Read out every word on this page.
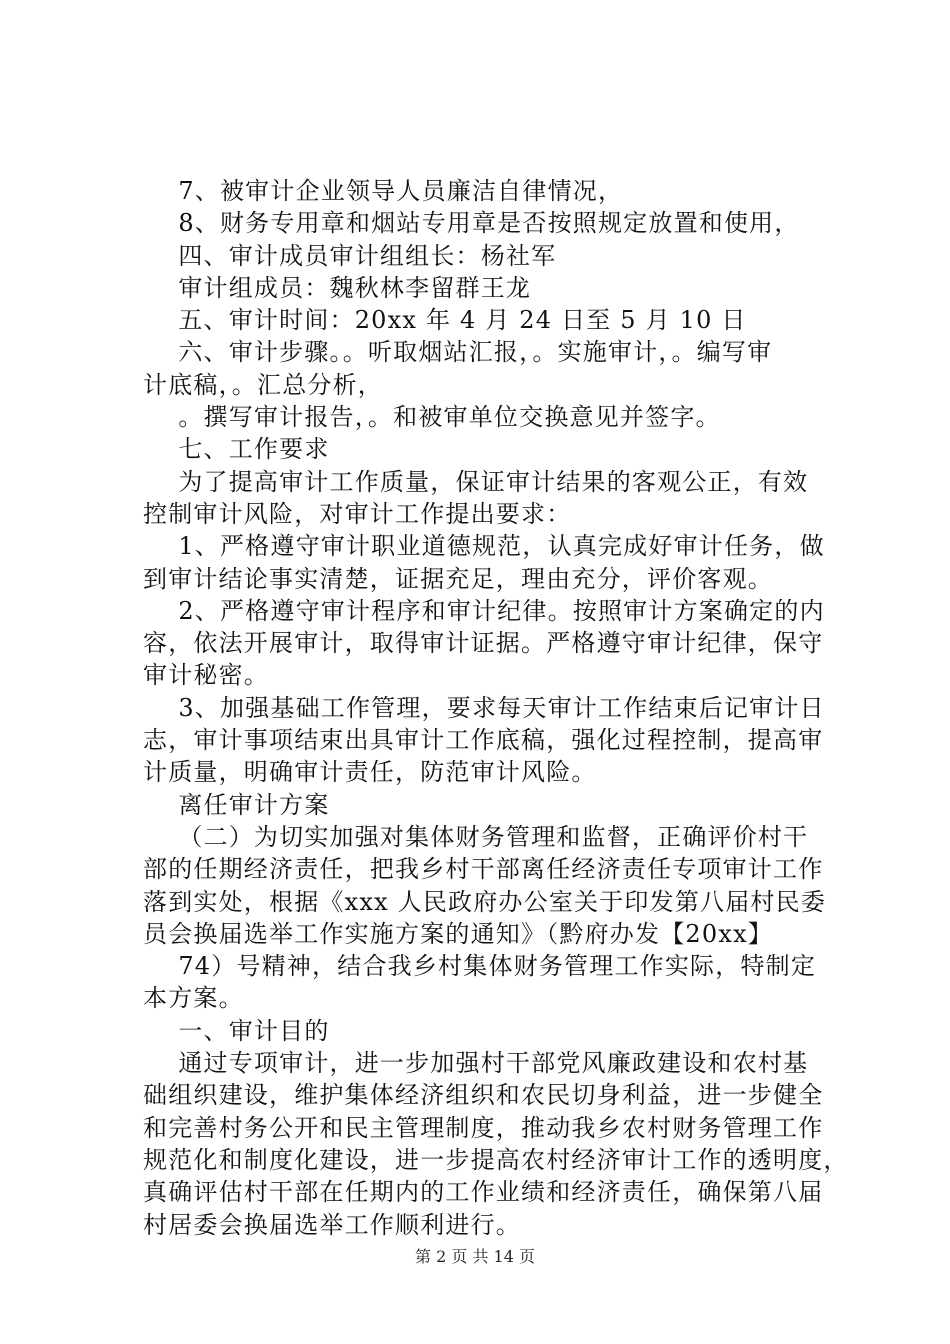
7、被审计企业领导人员廉洁自律情况，
8、财务专用章和烟站专用章是否按照规定放置和使用，
四、审计成员审计组组长：杨社军
审计组成员：魏秋林李留群王龙
五、审计时间：20xx 年 4 月 24 日至 5 月 10 日
六、审计步骤。。听取烟站汇报，。实施审计，。编写审
计底稿，。汇总分析，
。撰写审计报告，。和被审单位交换意见并签字。
七、工作要求
为了提高审计工作质量，保证审计结果的客观公正，有效
控制审计风险，对审计工作提出要求：
1、严格遵守审计职业道德规范，认真完成好审计任务，做
到审计结论事实清楚，证据充足，理由充分，评价客观。
2、严格遵守审计程序和审计纪律。按照审计方案确定的内
容，依法开展审计，取得审计证据。严格遵守审计纪律，保守
审计秘密。
3、加强基础工作管理，要求每天审计工作结束后记审计日
志，审计事项结束出具审计工作底稿，强化过程控制，提高审
计质量，明确审计责任，防范审计风险。
离任审计方案
（二）为切实加强对集体财务管理和监督，正确评价村干
部的任期经济责任，把我乡村干部离任经济责任专项审计工作
落到实处，根据《xxx 人民政府办公室关于印发第八届村民委
员会换届选举工作实施方案的通知》（黔府办发【20xx】
74）号精神，结合我乡村集体财务管理工作实际，特制定
本方案。
一、审计目的
通过专项审计，进一步加强村干部党风廉政建设和农村基
础组织建设，维护集体经济组织和农民切身利益，进一步健全
和完善村务公开和民主管理制度，推动我乡农村财务管理工作
规范化和制度化建设，进一步提高农村经济审计工作的透明度，
真确评估村干部在任期内的工作业绩和经济责任，确保第八届
村居委会换届选举工作顺利进行。
第 2 页 共 14 页
